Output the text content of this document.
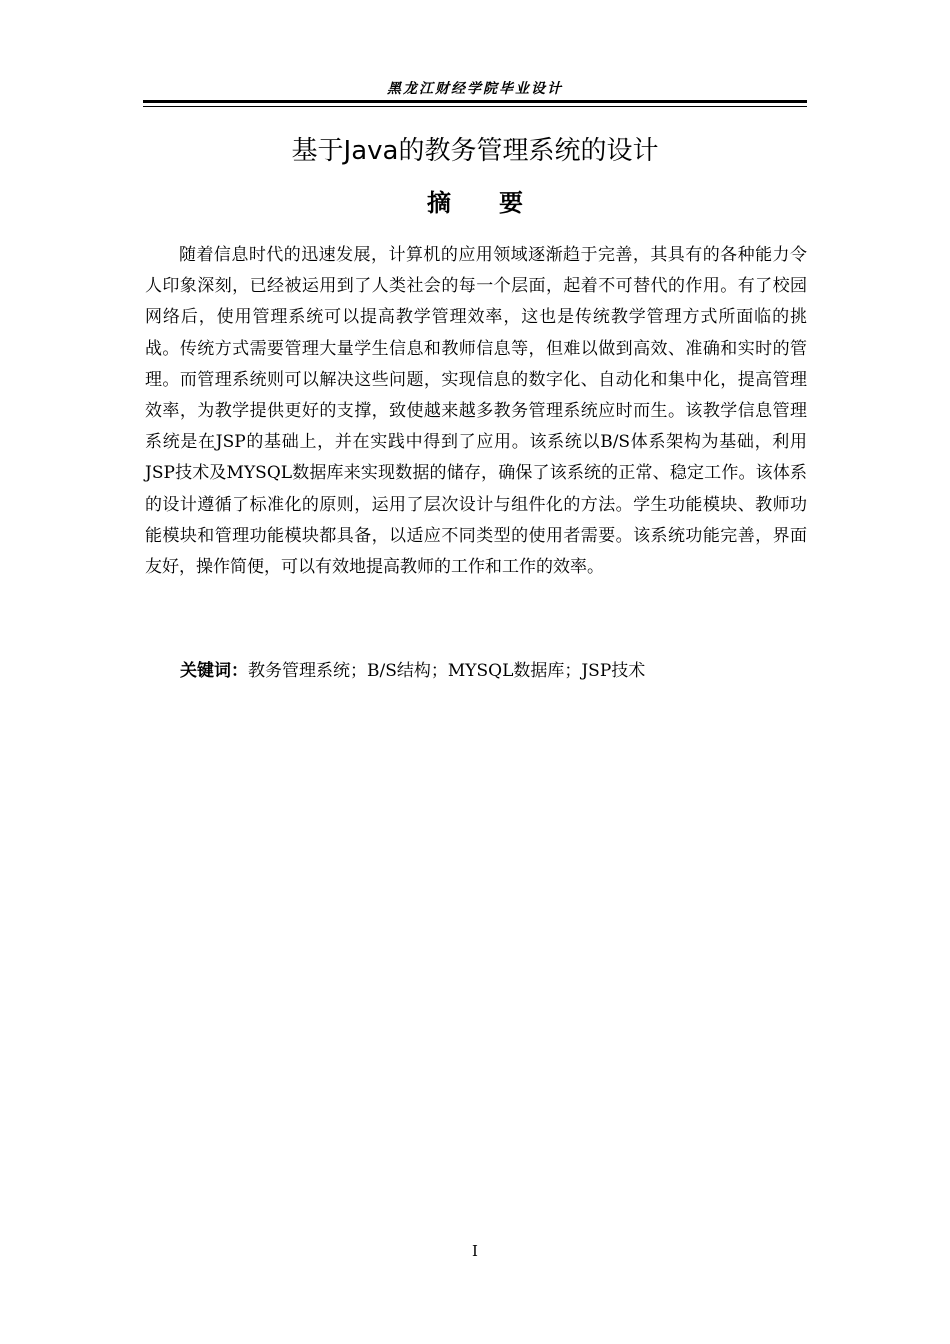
黑龙江财经学院毕业设计
基于Java的教务管理系统的设计
摘 要

随着信息时代的迅速发展，计算机的应用领域逐渐趋于完善，其具有的各种能力令人印象深刻，已经被运用到了人类社会的每一个层面，起着不可替代的作用。有了校园网络后，使用管理系统可以提高教学管理效率，这也是传统教学管理方式所面临的挑战。传统方式需要管理大量学生信息和教师信息等，但难以做到高效、准确和实时的管理。而管理系统则可以解决这些问题，实现信息的数字化、自动化和集中化，提高管理效率，为教学提供更好的支撑，致使越来越多教务管理系统应时而生。该教学信息管理系统是在JSP的基础上，并在实践中得到了应用。该系统以B/S体系架构为基础，利用JSP技术及MYSQL数据库来实现数据的储存，确保了该系统的正常、稳定工作。该体系的设计遵循了标准化的原则，运用了层次设计与组件化的方法。学生功能模块、教师功能模块和管理功能模块都具备，以适应不同类型的使用者需要。该系统功能完善，界面友好，操作简便，可以有效地提高教师的工作和工作的效率。

关键词：教务管理系统；B/S结构；MYSQL数据库；JSP技术
I
